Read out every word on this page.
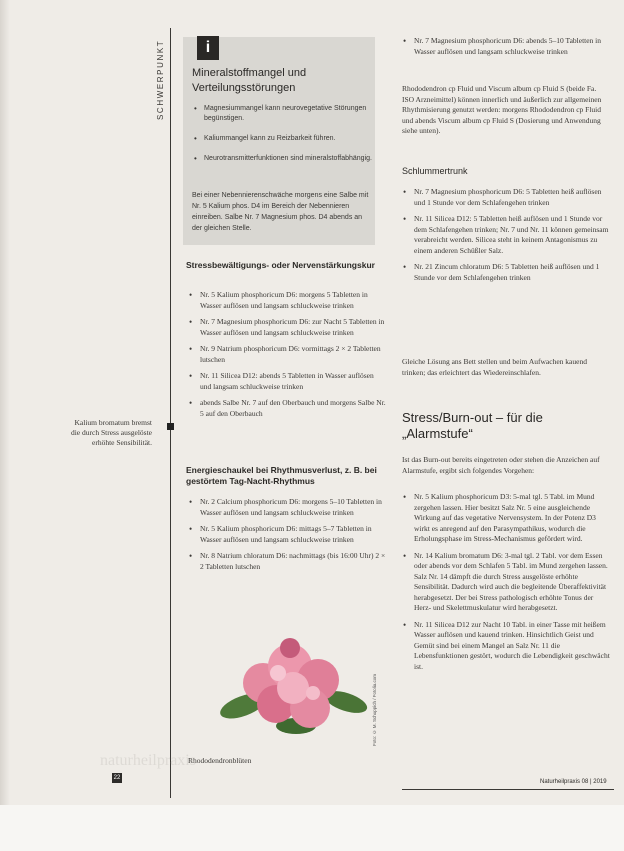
SCHWERPUNKT
Kalium bromatum bremst die durch Stress ausgelöste erhöhte Sensibilität.
i
Mineralstoffmangel und Verteilungsstörungen
• Magnesiummangel kann neurovegetative Störungen begünstigen.
• Kaliummangel kann zu Reizbarkeit führen.
• Neurotransmitterfunktionen sind mineralstoffabhängig.
Bei einer Nebennierenschwäche morgens eine Salbe mit Nr. 5 Kalium phos. D4 im Bereich der Nebennieren einreiben. Salbe Nr. 7 Magnesium phos. D4 abends an der gleichen Stelle.
Stressbewältigungs- oder Nervenstärkungskur
• Nr. 5 Kalium phosphoricum D6: morgens 5 Tabletten in Wasser auflösen und langsam schluckweise trinken
• Nr. 7 Magnesium phosphoricum D6: zur Nacht 5 Tabletten in Wasser auflösen und langsam schluckweise trinken
• Nr. 9 Natrium phosphoricum D6: vormittags 2 × 2 Tabletten lutschen
• Nr. 11 Silicea D12: abends 5 Tabletten in Wasser auflösen und langsam schluckweise trinken
• abends Salbe Nr. 7 auf den Oberbauch und morgens Salbe Nr. 5 auf den Oberbauch
Energieschaukel bei Rhythmusverlust, z. B. bei gestörtem Tag-Nacht-Rhythmus
• Nr. 2 Calcium phosphoricum D6: morgens 5–10 Tabletten in Wasser auflösen und langsam schluckweise trinken
• Nr. 5 Kalium phosphoricum D6: mittags 5–7 Tabletten in Wasser auflösen und langsam schluckweise trinken
• Nr. 8 Natrium chloratum D6: nachmittags (bis 16:00 Uhr) 2 × 2 Tabletten lutschen
Foto: © M. Schuppich / Fotolia.com
Rhododendronblüten
• Nr. 7 Magnesium phosphoricum D6: abends 5–10 Tabletten in Wasser auflösen und langsam schluckweise trinken
Rhododendron cp Fluid und Viscum album cp Fluid S (beide Fa. ISO Arzneimittel) können innerlich und äußerlich zur allgemeinen Rhythmisierung genutzt werden: morgens Rhododendron cp Fluid und abends Viscum album cp Fluid S (Dosierung und Anwendung siehe unten).
Schlummertrunk
• Nr. 7 Magnesium phosphoricum D6: 5 Tabletten heiß auflösen und 1 Stunde vor dem Schlafengehen trinken
• Nr. 11 Silicea D12: 5 Tabletten heiß auflösen und 1 Stunde vor dem Schlafengehen trinken; Nr. 7 und Nr. 11 können gemeinsam verabreicht werden. Silicea steht in keinem Antagonismus zu einem anderen Schüßler Salz.
• Nr. 21 Zincum chloratum D6: 5 Tabletten heiß auflösen und 1 Stunde vor dem Schlafengehen trinken
Gleiche Lösung ans Bett stellen und beim Aufwachen kauend trinken; das erleichtert das Wiedereinschlafen.
Stress/Burn-out – für die „Alarmstufe“
Ist das Burn-out bereits eingetreten oder stehen die Anzeichen auf Alarmstufe, ergibt sich folgendes Vorgehen:
• Nr. 5 Kalium phosphoricum D3: 5-mal tgl. 5 Tabl. im Mund zergehen lassen. Hier besitzt Salz Nr. 5 eine ausgleichende Wirkung auf das vegetative Nervensystem. In der Potenz D3 wirkt es anregend auf den Parasympathikus, wodurch die Erholungsphase im Stress-Mechanismus gefördert wird.
• Nr. 14 Kalium bromatum D6: 3-mal tgl. 2 Tabl. vor dem Essen oder abends vor dem Schlafen 5 Tabl. im Mund zergehen lassen. Salz Nr. 14 dämpft die durch Stress ausgelöste erhöhte Sensibilität. Dadurch wird auch die begleitende Überaffektivität herabgesetzt. Der bei Stress pathologisch erhöhte Tonus der Herz- und Skelettmuskulatur wird herabgesetzt.
• Nr. 11 Silicea D12 zur Nacht 10 Tabl. in einer Tasse mit heißem Wasser auflösen und kauend trinken. Hinsichtlich Geist und Gemüt sind bei einem Mangel an Salz Nr. 11 die Lebensfunktionen gestört, wodurch die Lebendigkeit geschwächt ist.
naturheilpraxis
22
Naturheilpraxis 08 | 2019
